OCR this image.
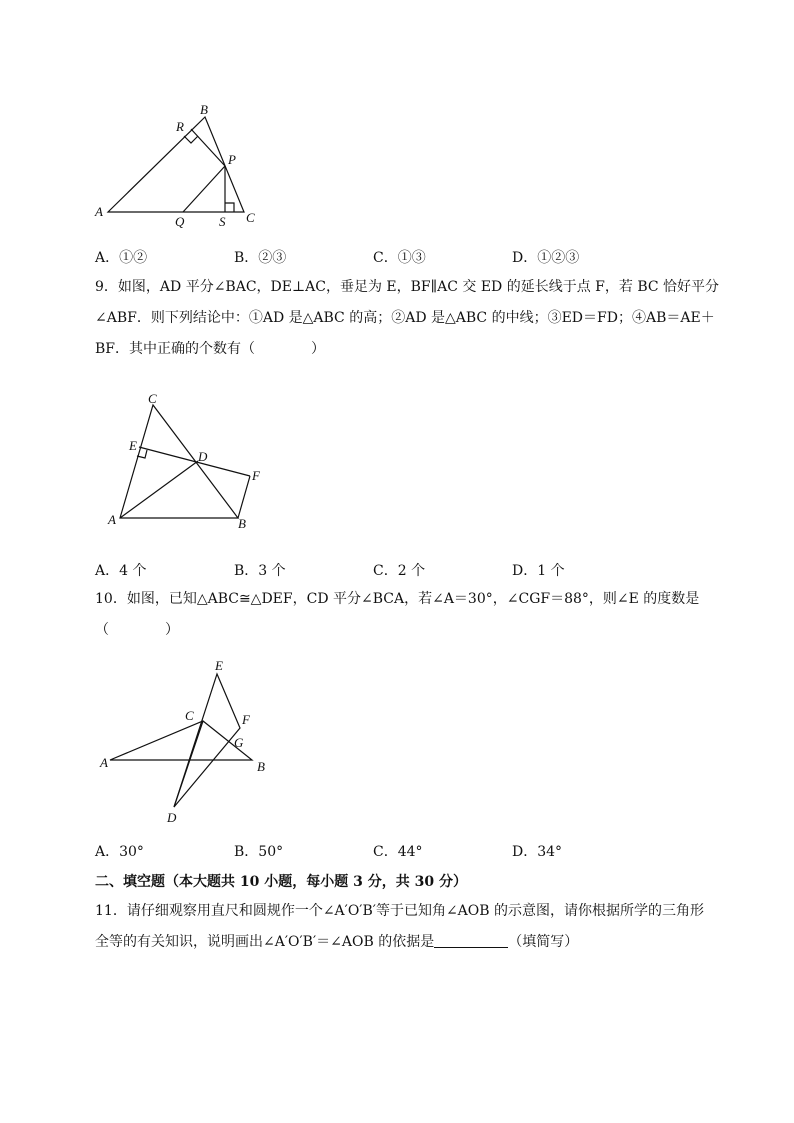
A
B
C
P
Q
R
S
A．①②	B．②③	C．①③	D．①②③
9．如图，AD 平分∠BAC，DE⊥AC，垂足为 E，BF∥AC 交 ED 的延长线于点 F，若 BC 恰好平分
∠ABF．则下列结论中：①AD 是△ABC 的高；②AD 是△ABC 的中线；③ED＝FD；④AB＝AE＋
BF．其中正确的个数有（　　　　）
A	B
C
D
E
F
A．4 个	B．3 个	C．2 个	D．1 个
10．如图，已知△ABC≅△DEF，CD 平分∠BCA，若∠A＝30°，∠CGF＝88°，则∠E 的度数是
（　　　　）
A	B
C
D
E
F
G
A．30°	B．50°	C．44°	D．34°
二、填空题（本大题共 10 小题，每小题 3 分，共 30 分）
11．请仔细观察用直尺和圆规作一个∠A′O′B′等于已知角∠AOB 的示意图，请你根据所学的三角形
全等的有关知识，说明画出∠A′O′B′＝∠AOB 的依据是	（填简写）
